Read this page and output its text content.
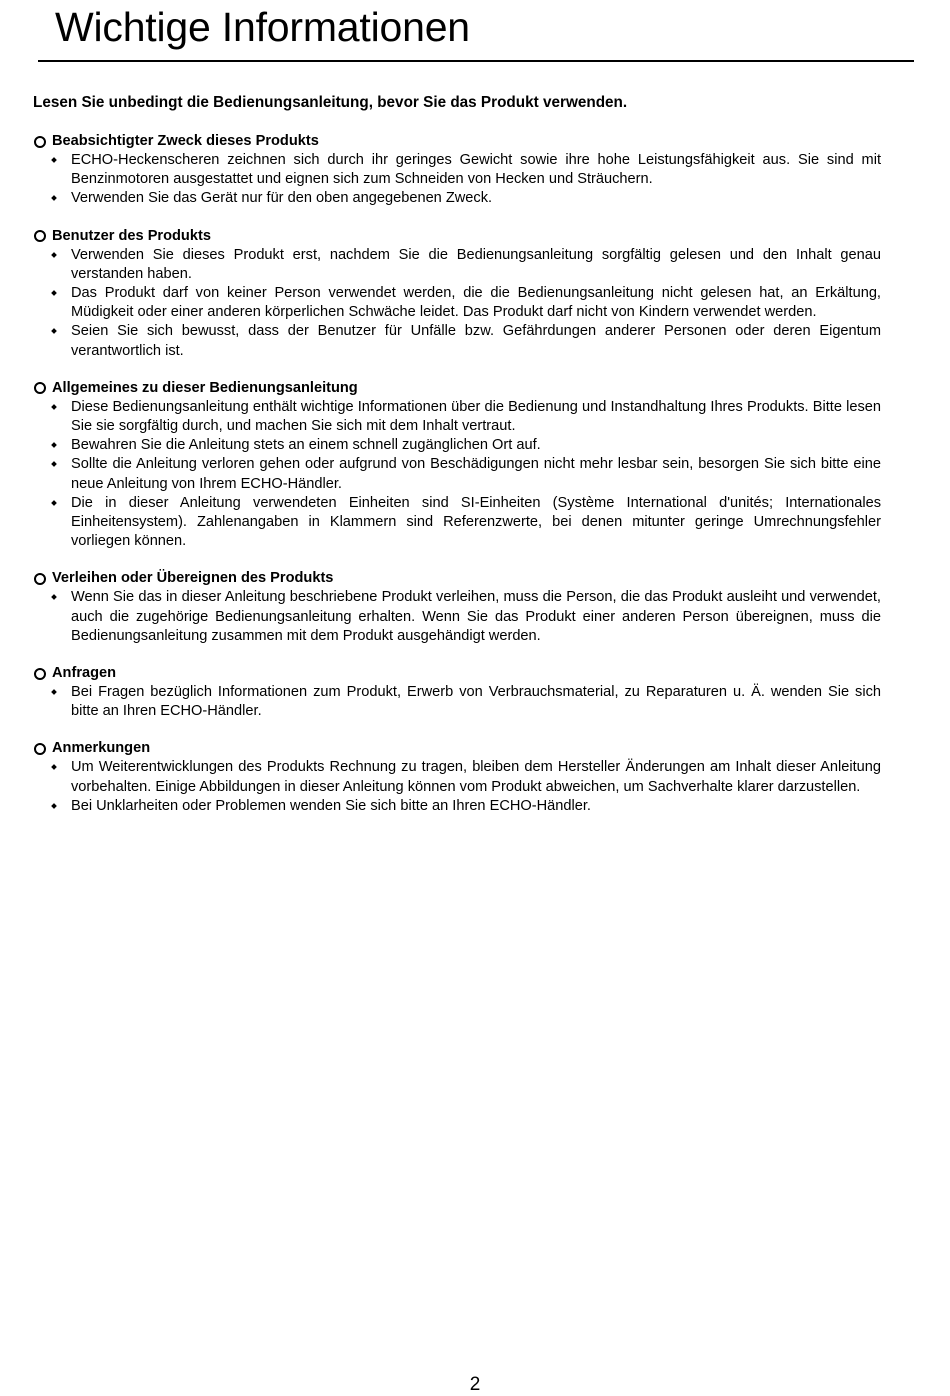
Wichtige Informationen

Lesen Sie unbedingt die Bedienungsanleitung, bevor Sie das Produkt verwenden.

Beabsichtigter Zweck dieses Produkts
ECHO-Heckenscheren zeichnen sich durch ihr geringes Gewicht sowie ihre hohe Leistungsfähigkeit aus. Sie sind mit Benzinmotoren ausgestattet und eignen sich zum Schneiden von Hecken und Sträuchern.
Verwenden Sie das Gerät nur für den oben angegebenen Zweck.
Benutzer des Produkts
Verwenden Sie dieses Produkt erst, nachdem Sie die Bedienungsanleitung sorgfältig gelesen und den Inhalt genau verstanden haben.
Das Produkt darf von keiner Person verwendet werden, die die Bedienungsanleitung nicht gelesen hat, an Erkältung, Müdigkeit oder einer anderen körperlichen Schwäche leidet. Das Produkt darf nicht von Kindern verwendet werden.
Seien Sie sich bewusst, dass der Benutzer für Unfälle bzw. Gefährdungen anderer Personen oder deren Eigentum verantwortlich ist.
Allgemeines zu dieser Bedienungsanleitung
Diese Bedienungsanleitung enthält wichtige Informationen über die Bedienung und Instandhaltung Ihres Produkts. Bitte lesen Sie sie sorgfältig durch, und machen Sie sich mit dem Inhalt vertraut.
Bewahren Sie die Anleitung stets an einem schnell zugänglichen Ort auf.
Sollte die Anleitung verloren gehen oder aufgrund von Beschädigungen nicht mehr lesbar sein, besorgen Sie sich bitte eine neue Anleitung von Ihrem ECHO-Händler.
Die in dieser Anleitung verwendeten Einheiten sind SI-Einheiten (Système International d'unités; Internationales Einheitensystem). Zahlenangaben in Klammern sind Referenzwerte, bei denen mitunter geringe Umrechnungsfehler vorliegen können.
Verleihen oder Übereignen des Produkts
Wenn Sie das in dieser Anleitung beschriebene Produkt verleihen, muss die Person, die das Produkt ausleiht und verwendet, auch die zugehörige Bedienungsanleitung erhalten. Wenn Sie das Produkt einer anderen Person übereignen, muss die Bedienungsanleitung zusammen mit dem Produkt ausgehändigt werden.
Anfragen
Bei Fragen bezüglich Informationen zum Produkt, Erwerb von Verbrauchsmaterial, zu Reparaturen u. Ä. wenden Sie sich bitte an Ihren ECHO-Händler.
Anmerkungen
Um Weiterentwicklungen des Produkts Rechnung zu tragen, bleiben dem Hersteller Änderungen am Inhalt dieser Anleitung vorbehalten. Einige Abbildungen in dieser Anleitung können vom Produkt abweichen, um Sachverhalte klarer darzustellen.
Bei Unklarheiten oder Problemen wenden Sie sich bitte an Ihren ECHO-Händler.
2
